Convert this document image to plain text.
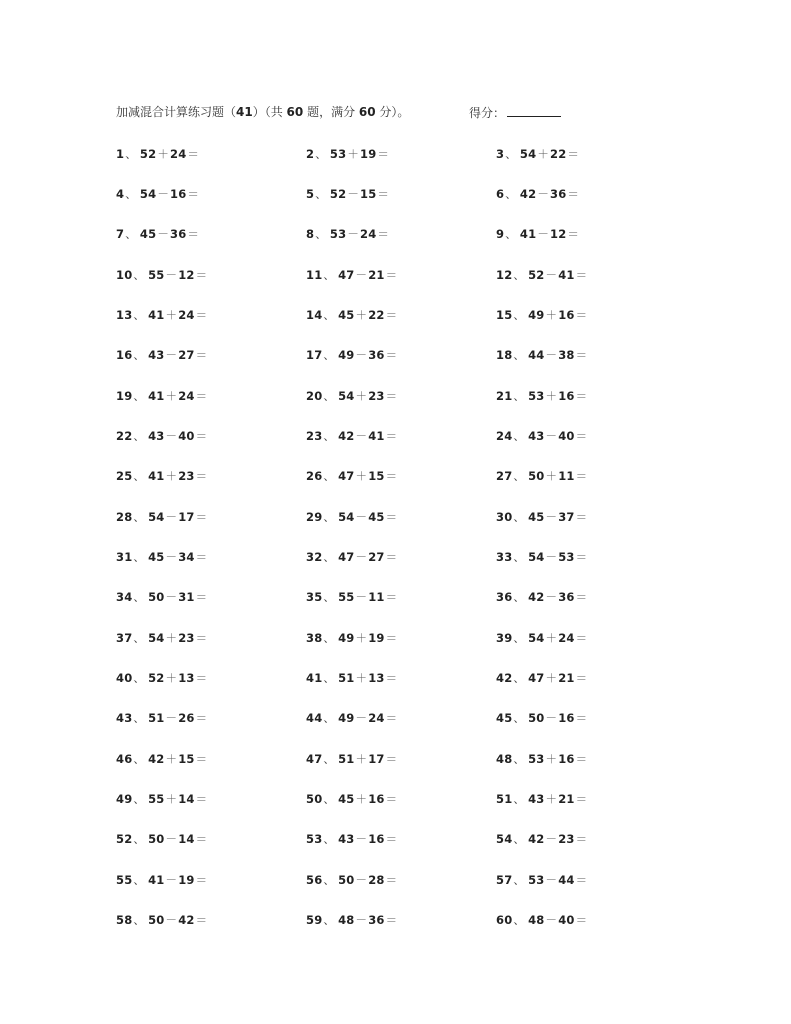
加减混合计算练习题（41）（共 60 题，满分 60 分）。	得分：
1、 52＋24＝	2、 53＋19＝	3、 54＋22＝
4、 54－16＝	5、 52－15＝	6、 42－36＝
7、 45－36＝	8、 53－24＝	9、 41－12＝
10、 55－12＝	11、 47－21＝	12、 52－41＝
13、 41＋24＝	14、 45＋22＝	15、 49＋16＝
16、 43－27＝	17、 49－36＝	18、 44－38＝
19、 41＋24＝	20、 54＋23＝	21、 53＋16＝
22、 43－40＝	23、 42－41＝	24、 43－40＝
25、 41＋23＝	26、 47＋15＝	27、 50＋11＝
28、 54－17＝	29、 54－45＝	30、 45－37＝
31、 45－34＝	32、 47－27＝	33、 54－53＝
34、 50－31＝	35、 55－11＝	36、 42－36＝
37、 54＋23＝	38、 49＋19＝	39、 54＋24＝
40、 52＋13＝	41、 51＋13＝	42、 47＋21＝
43、 51－26＝	44、 49－24＝	45、 50－16＝
46、 42＋15＝	47、 51＋17＝	48、 53＋16＝
49、 55＋14＝	50、 45＋16＝	51、 43＋21＝
52、 50－14＝	53、 43－16＝	54、 42－23＝
55、 41－19＝	56、 50－28＝	57、 53－44＝
58、 50－42＝	59、 48－36＝	60、 48－40＝
